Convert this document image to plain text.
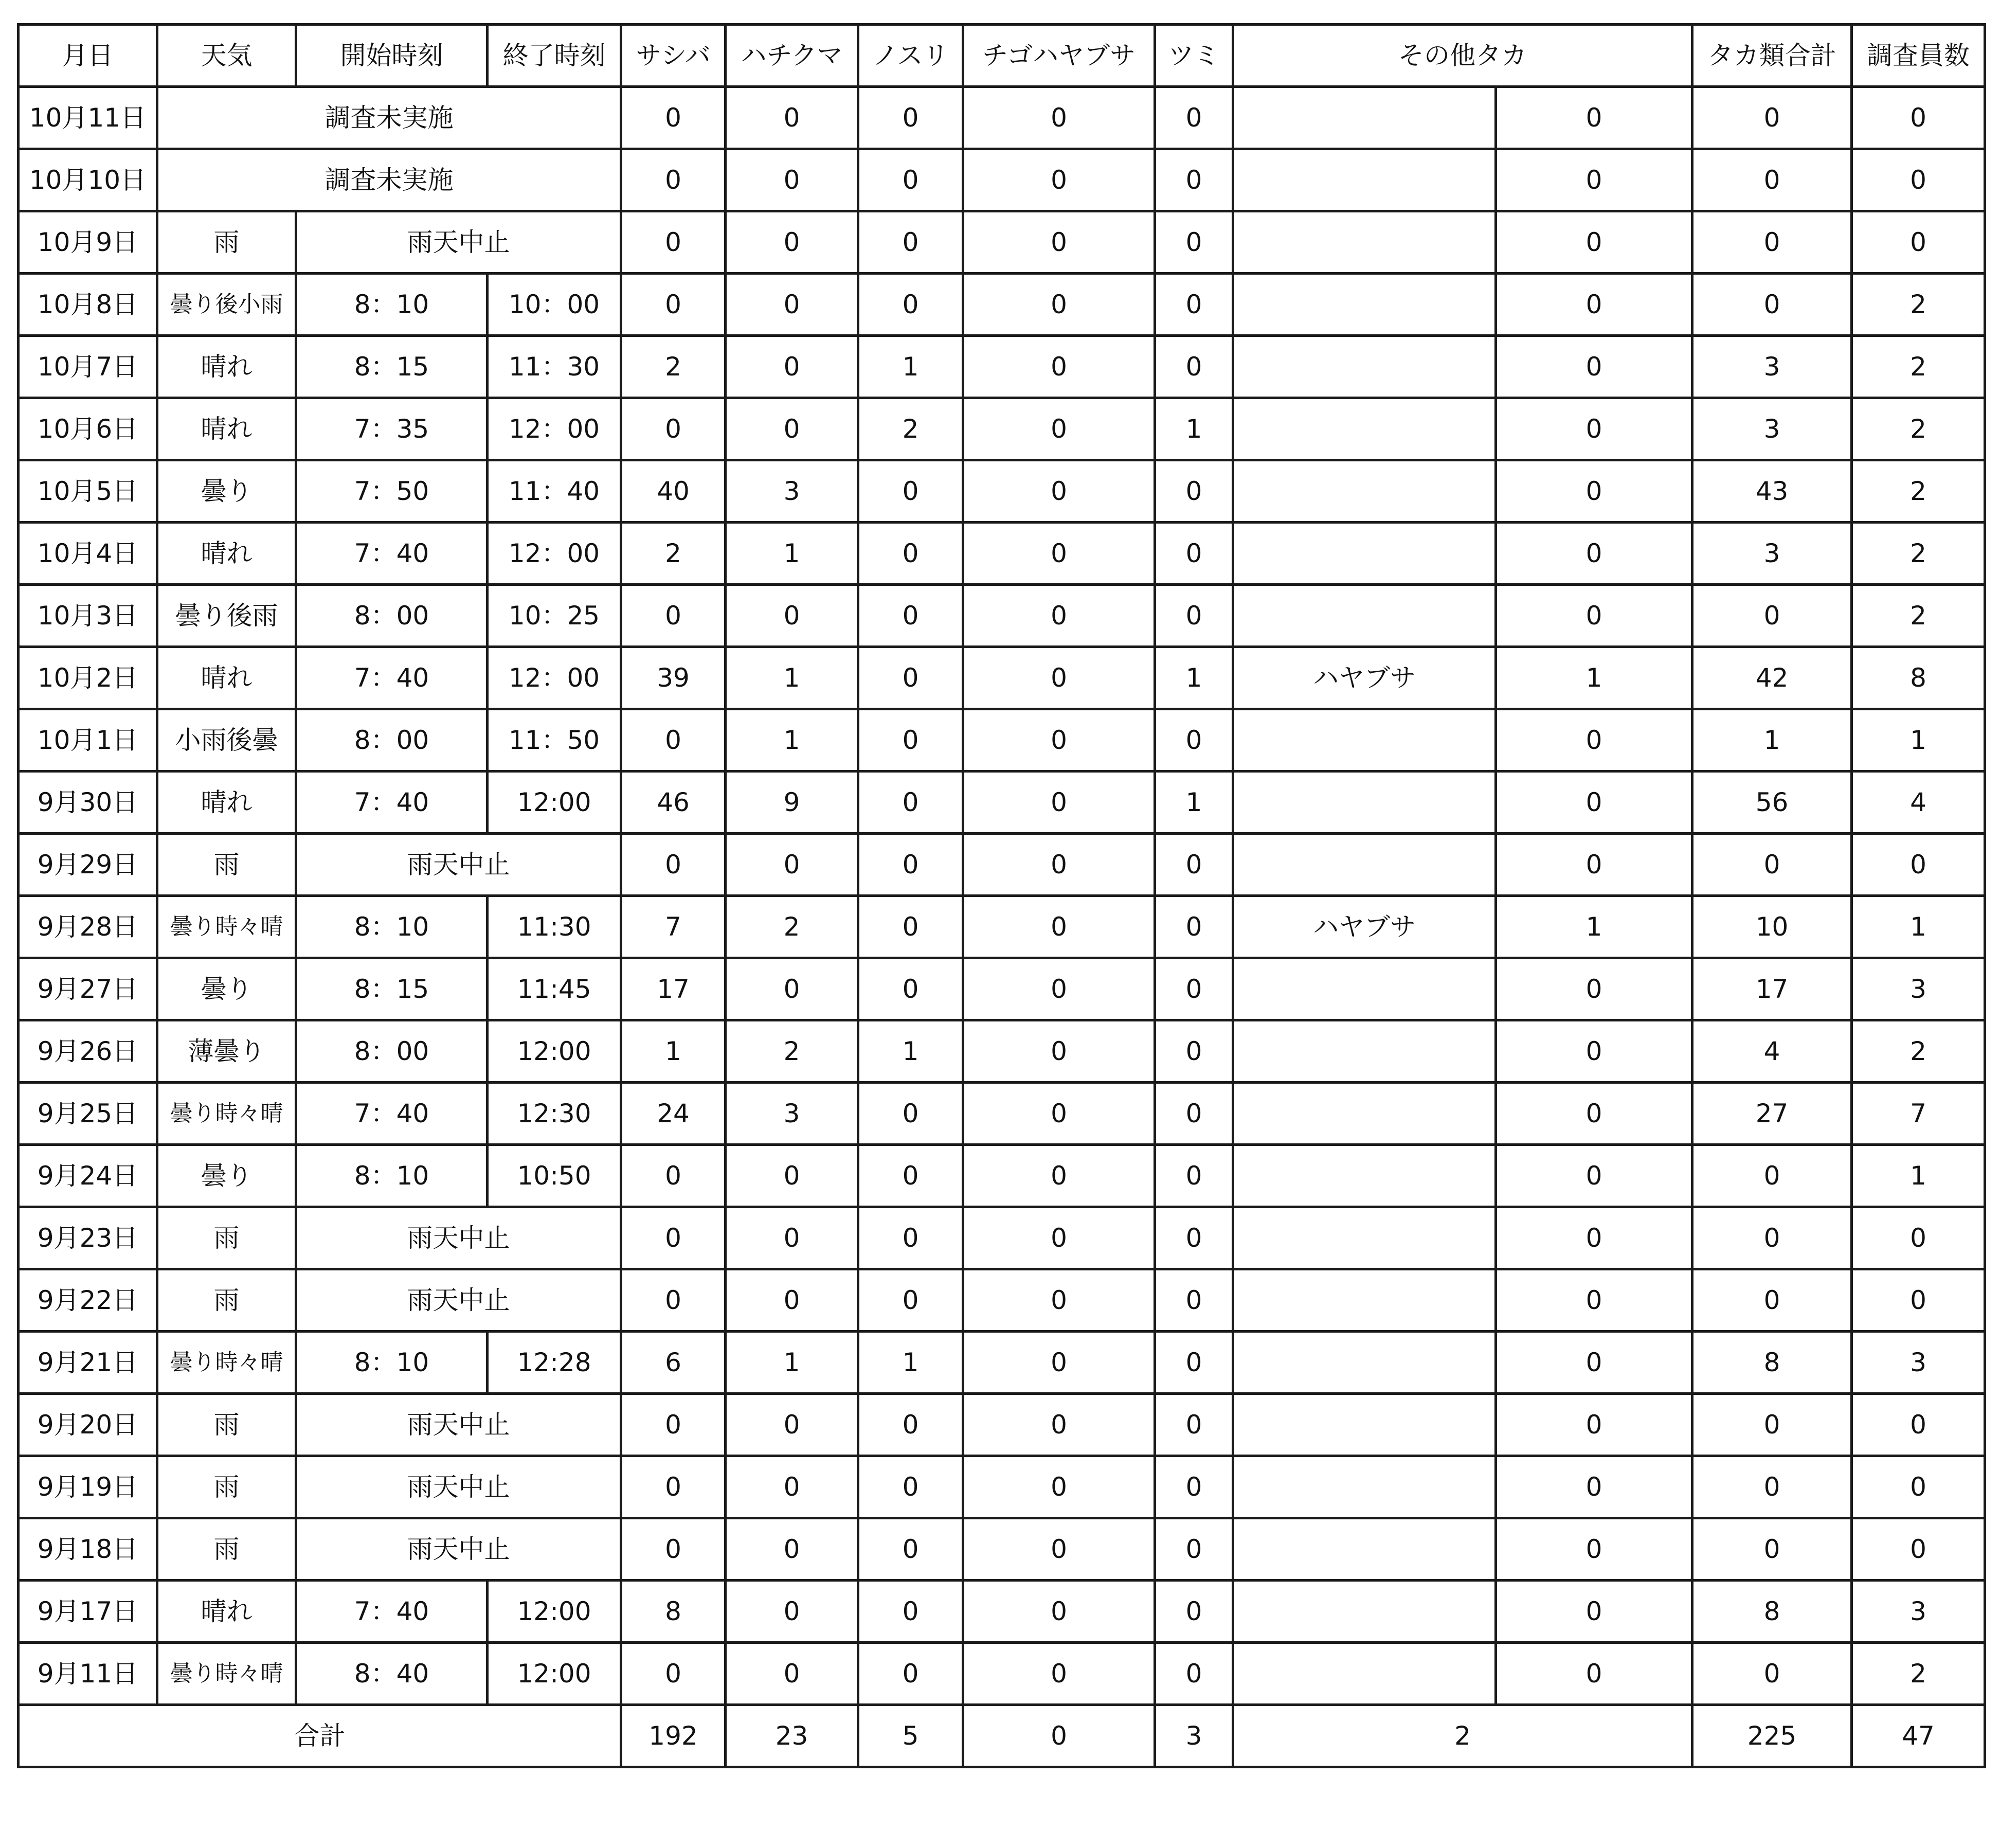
月日	天気	開始時刻	終了時刻	サシバ	ハチクマ	ノスリ	チゴハヤブサ	ツミ	その他タカ		タカ類合計	調査員数
10月11日	調査未実施			0	0	0	0	0		0	0	0
10月10日	調査未実施			0	0	0	0	0		0	0	0
10月9日	雨	雨天中止		0	0	0	0	0		0	0	0
10月8日	曇り後小雨	8：10	10：00	0	0	0	0	0		0	0	2
10月7日	晴れ	8：15	11：30	2	0	1	0	0		0	3	2
10月6日	晴れ	7：35	12：00	0	0	2	0	1		0	3	2
10月5日	曇り	7：50	11：40	40	3	0	0	0		0	43	2
10月4日	晴れ	7：40	12：00	2	1	0	0	0		0	3	2
10月3日	曇り後雨	8：00	10：25	0	0	0	0	0		0	0	2
10月2日	晴れ	7：40	12：00	39	1	0	0	1	ハヤブサ	1	42	8
10月1日	小雨後曇	8：00	11：50	0	1	0	0	0		0	1	1
9月30日	晴れ	7：40	12:00	46	9	0	0	1		0	56	4
9月29日	雨	雨天中止		0	0	0	0	0		0	0	0
9月28日	曇り時々晴	8：10	11:30	7	2	0	0	0	ハヤブサ	1	10	1
9月27日	曇り	8：15	11:45	17	0	0	0	0		0	17	3
9月26日	薄曇り	8：00	12:00	1	2	1	0	0		0	4	2
9月25日	曇り時々晴	7：40	12:30	24	3	0	0	0		0	27	7
9月24日	曇り	8：10	10:50	0	0	0	0	0		0	0	1
9月23日	雨	雨天中止		0	0	0	0	0		0	0	0
9月22日	雨	雨天中止		0	0	0	0	0		0	0	0
9月21日	曇り時々晴	8：10	12:28	6	1	1	0	0		0	8	3
9月20日	雨	雨天中止		0	0	0	0	0		0	0	0
9月19日	雨	雨天中止		0	0	0	0	0		0	0	0
9月18日	雨	雨天中止		0	0	0	0	0		0	0	0
9月17日	晴れ	7：40	12:00	8	0	0	0	0		0	8	3
9月11日	曇り時々晴	8：40	12:00	0	0	0	0	0		0	0	2
合計				192	23	5	0	3	2		225	47
